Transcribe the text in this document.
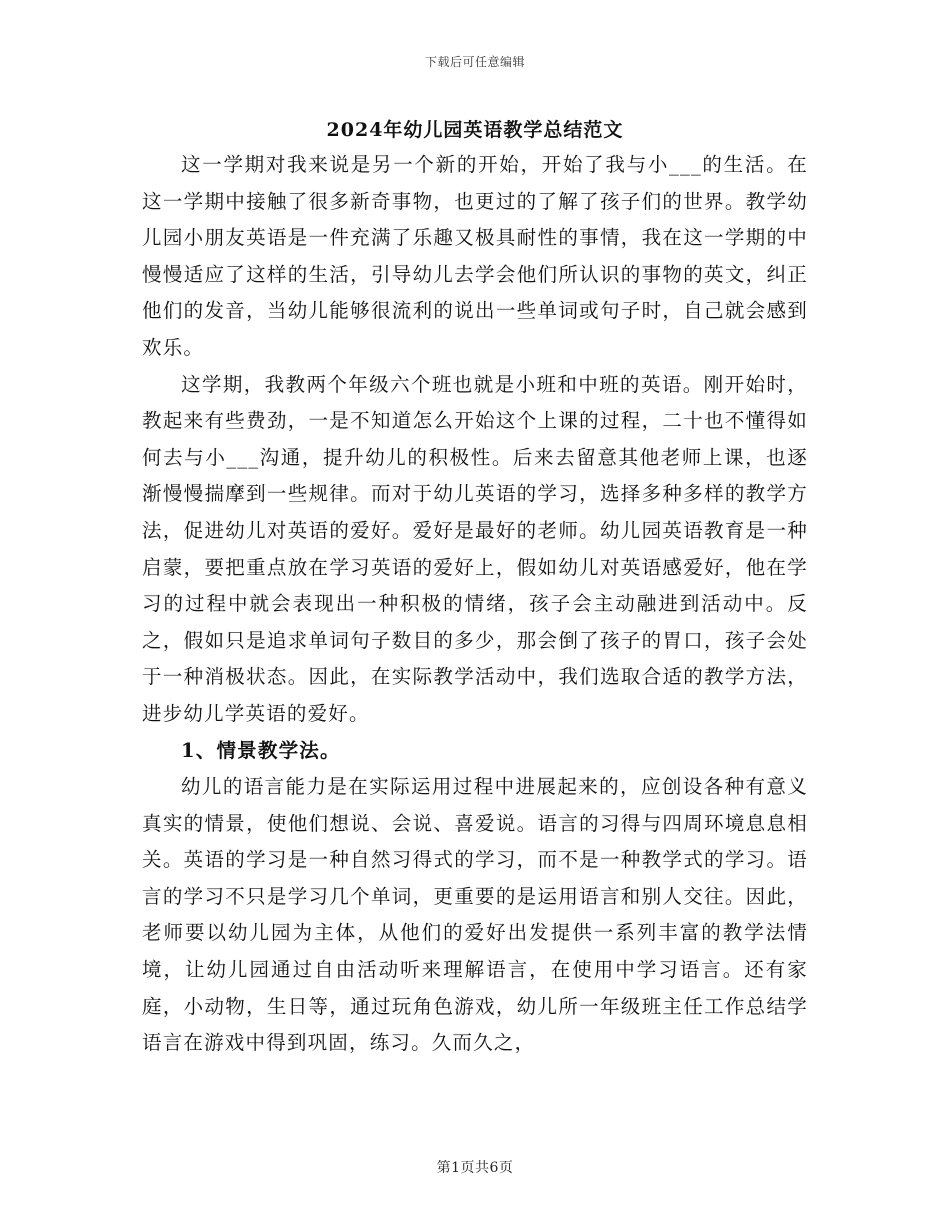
下载后可任意编辑
2024年幼儿园英语教学总结范文

这一学期对我来说是另一个新的开始，开始了我与小___的生活。在这一学期中接触了很多新奇事物，也更过的了解了孩子们的世界。教学幼儿园小朋友英语是一件充满了乐趣又极具耐性的事情，我在这一学期的中慢慢适应了这样的生活，引导幼儿去学会他们所认识的事物的英文，纠正他们的发音，当幼儿能够很流利的说出一些单词或句子时，自己就会感到欢乐。

这学期，我教两个年级六个班也就是小班和中班的英语。刚开始时，教起来有些费劲，一是不知道怎么开始这个上课的过程，二十也不懂得如何去与小___沟通，提升幼儿的积极性。后来去留意其他老师上课，也逐渐慢慢揣摩到一些规律。而对于幼儿英语的学习，选择多种多样的教学方法，促进幼儿对英语的爱好。爱好是最好的老师。幼儿园英语教育是一种启蒙，要把重点放在学习英语的爱好上，假如幼儿对英语感爱好，他在学习的过程中就会表现出一种积极的情绪，孩子会主动融进到活动中。反之，假如只是追求单词句子数目的多少，那会倒了孩子的胃口，孩子会处于一种消极状态。因此，在实际教学活动中，我们选取合适的教学方法，进步幼儿学英语的爱好。

1、情景教学法。

幼儿的语言能力是在实际运用过程中进展起来的，应创设各种有意义真实的情景，使他们想说、会说、喜爱说。语言的习得与四周环境息息相关。英语的学习是一种自然习得式的学习，而不是一种教学式的学习。语言的学习不只是学习几个单词，更重要的是运用语言和别人交往。因此，老师要以幼儿园为主体，从他们的爱好出发提供一系列丰富的教学法情境，让幼儿园通过自由活动听来理解语言，在使用中学习语言。还有家庭，小动物，生日等，通过玩角色游戏，幼儿所一年级班主任工作总结学语言在游戏中得到巩固，练习。久而久之，

第1页共6页
